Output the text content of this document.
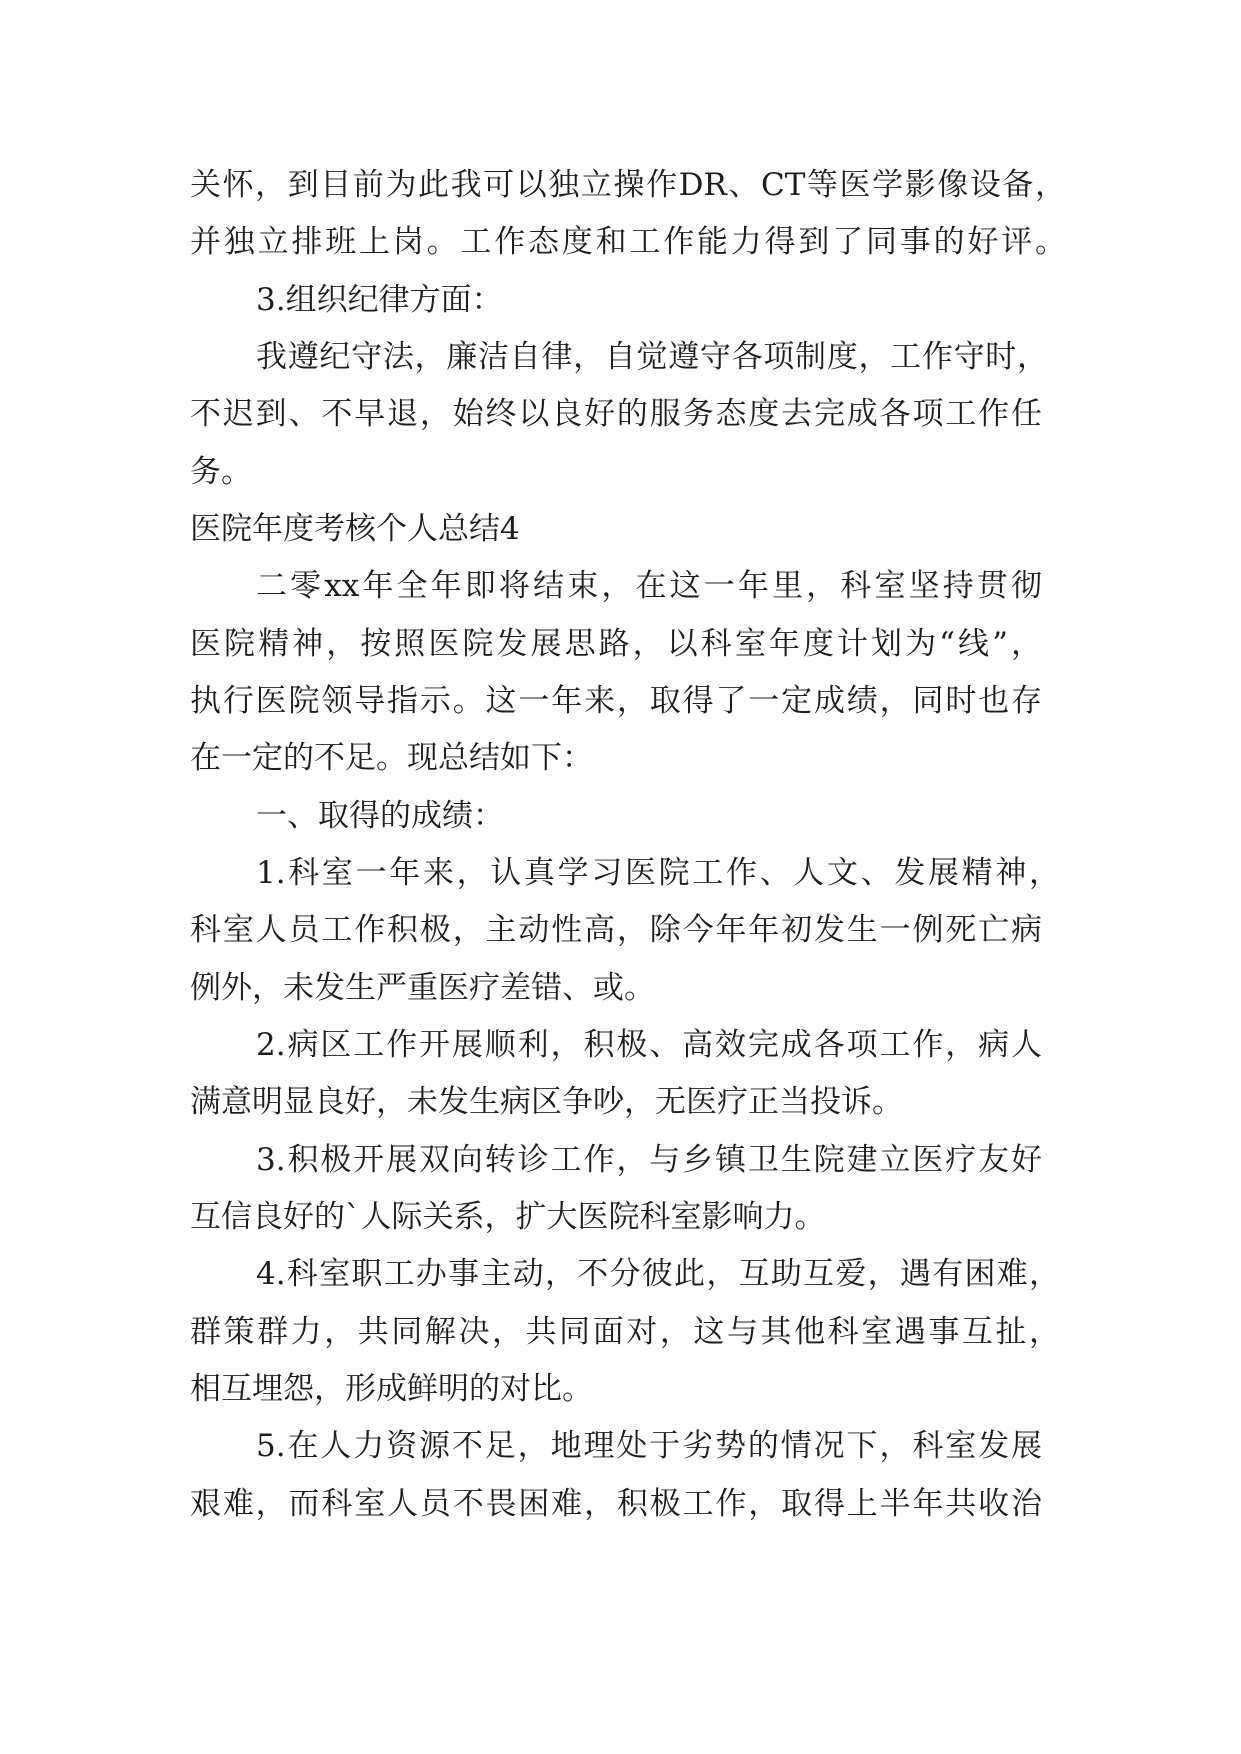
关怀，到目前为此我可以独立操作DR、CT等医学影像设备，
并独立排班上岗。工作态度和工作能力得到了同事的好评。
3.组织纪律方面：
我遵纪守法，廉洁自律，自觉遵守各项制度，工作守时，
不迟到、不早退，始终以良好的服务态度去完成各项工作任
务。
医院年度考核个人总结4
二零xx年全年即将结束，在这一年里，科室坚持贯彻
医院精神，按照医院发展思路，以科室年度计划为“线”，
执行医院领导指示。这一年来，取得了一定成绩，同时也存
在一定的不足。现总结如下：
一、取得的成绩：
1.科室一年来，认真学习医院工作、人文、发展精神，
科室人员工作积极，主动性高，除今年年初发生一例死亡病
例外，未发生严重医疗差错、或。
2.病区工作开展顺利，积极、高效完成各项工作，病人
满意明显良好，未发生病区争吵，无医疗正当投诉。
3.积极开展双向转诊工作，与乡镇卫生院建立医疗友好
互信良好的`人际关系，扩大医院科室影响力。
4.科室职工办事主动，不分彼此，互助互爱，遇有困难，
群策群力，共同解决，共同面对，这与其他科室遇事互扯，
相互埋怨，形成鲜明的对比。
5.在人力资源不足，地理处于劣势的情况下，科室发展
艰难，而科室人员不畏困难，积极工作，取得上半年共收治
